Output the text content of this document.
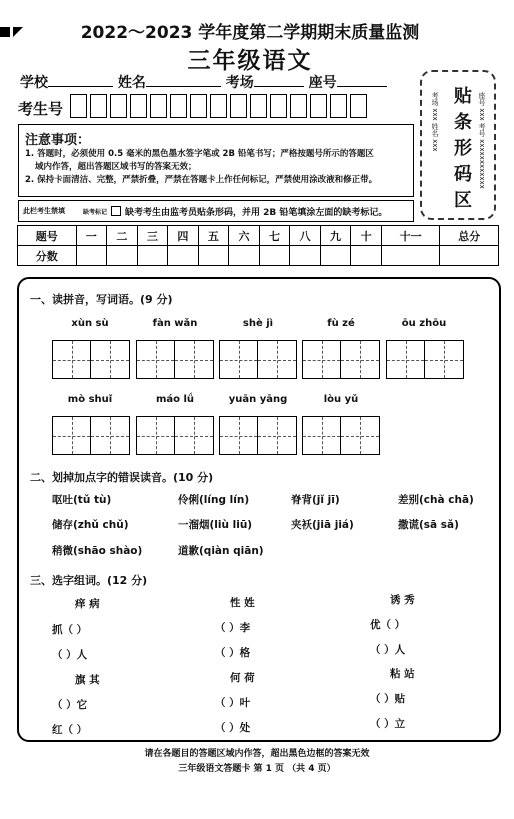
2022～2023 学年度第二学期期末质量监测
三年级语文
学校	姓名	考场	座号
考生号	考场 xxx 姓名 xxx 贴条形码区 座号 xxx 考号 xxxxxxxxxxxx
注意事项：
1. 答题时，必须使用 0.5 毫米的黑色墨水签字笔或 2B 铅笔书写；严格按题号所示的答题区
域内作答，超出答题区域书写的答案无效；
2. 保持卡面清洁、完整，严禁折叠，严禁在答题卡上作任何标记，严禁使用涂改液和修正带。
此栏考生禁填	缺考标记	缺考考生由监考员贴条形码，并用 2B 铅笔填涂左面的缺考标记。
题号	一	二	三	四	五	六	七	八	九	十	十一	总分
分数												
一、读拼音，写词语。(9 分)
xùn sù	fàn wǎn	shè jì	fù zé	ōu zhōu
mò shuǐ	máo lǘ	yuān yāng	lòu yǔ
二、划掉加点字的错误读音。(10 分)
呕吐(tǔ tù)	伶俐(líng lín)	脊背(jǐ jī)	差别(chà chā)
储存(zhǔ chǔ)	一溜烟(liù liū)	夹袄(jiā jiá)	撒谎(sā sǎ)
稍微(shāo shào)	道歉(qiàn qiān)
三、选字组词。(12 分)
痒 病
抓（ ）
（ ）人
性 姓
（ ）李
（ ）格
诱 秀
优（ ）
（ ）人
旗 其
（ ）它
红（ ）
何 荷
（ ）叶
（ ）处
粘 站
（ ）贴
（ ）立
请在各题目的答题区域内作答，超出黑色边框的答案无效
三年级语文答题卡 第 1 页 （共 4 页）
